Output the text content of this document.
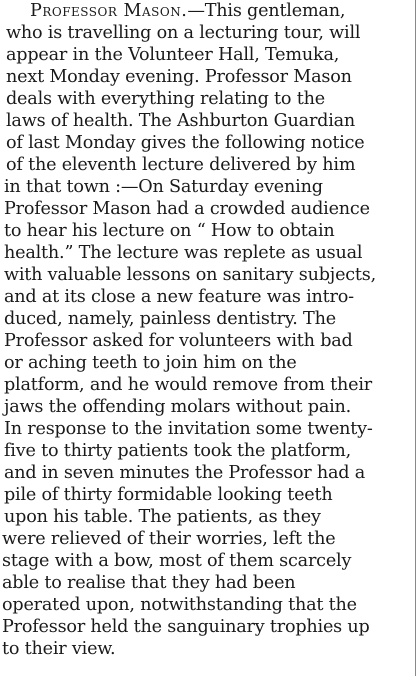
Professor Mason.—This gentleman,
who is travelling on a lecturing tour, will
appear in the Volunteer Hall, Temuka,
next Monday evening. Professor Mason
deals with everything relating to the
laws of health. The Ashburton Guardian
of last Monday gives the following notice
of the eleventh lecture delivered by him
in that town :—On Saturday evening
Professor Mason had a crowded audience
to hear his lecture on “ How to obtain
health.” The lecture was replete as usual
with valuable lessons on sanitary subjects,
and at its close a new feature was intro-
duced, namely, painless dentistry. The
Professor asked for volunteers with bad
or aching teeth to join him on the
platform, and he would remove from their
jaws the offending molars without pain.
In response to the invitation some twenty-
five to thirty patients took the platform,
and in seven minutes the Professor had a
pile of thirty formidable looking teeth
upon his table. The patients, as they
were relieved of their worries, left the
stage with a bow, most of them scarcely
able to realise that they had been
operated upon, notwithstanding that the
Professor held the sanguinary trophies up
to their view.
